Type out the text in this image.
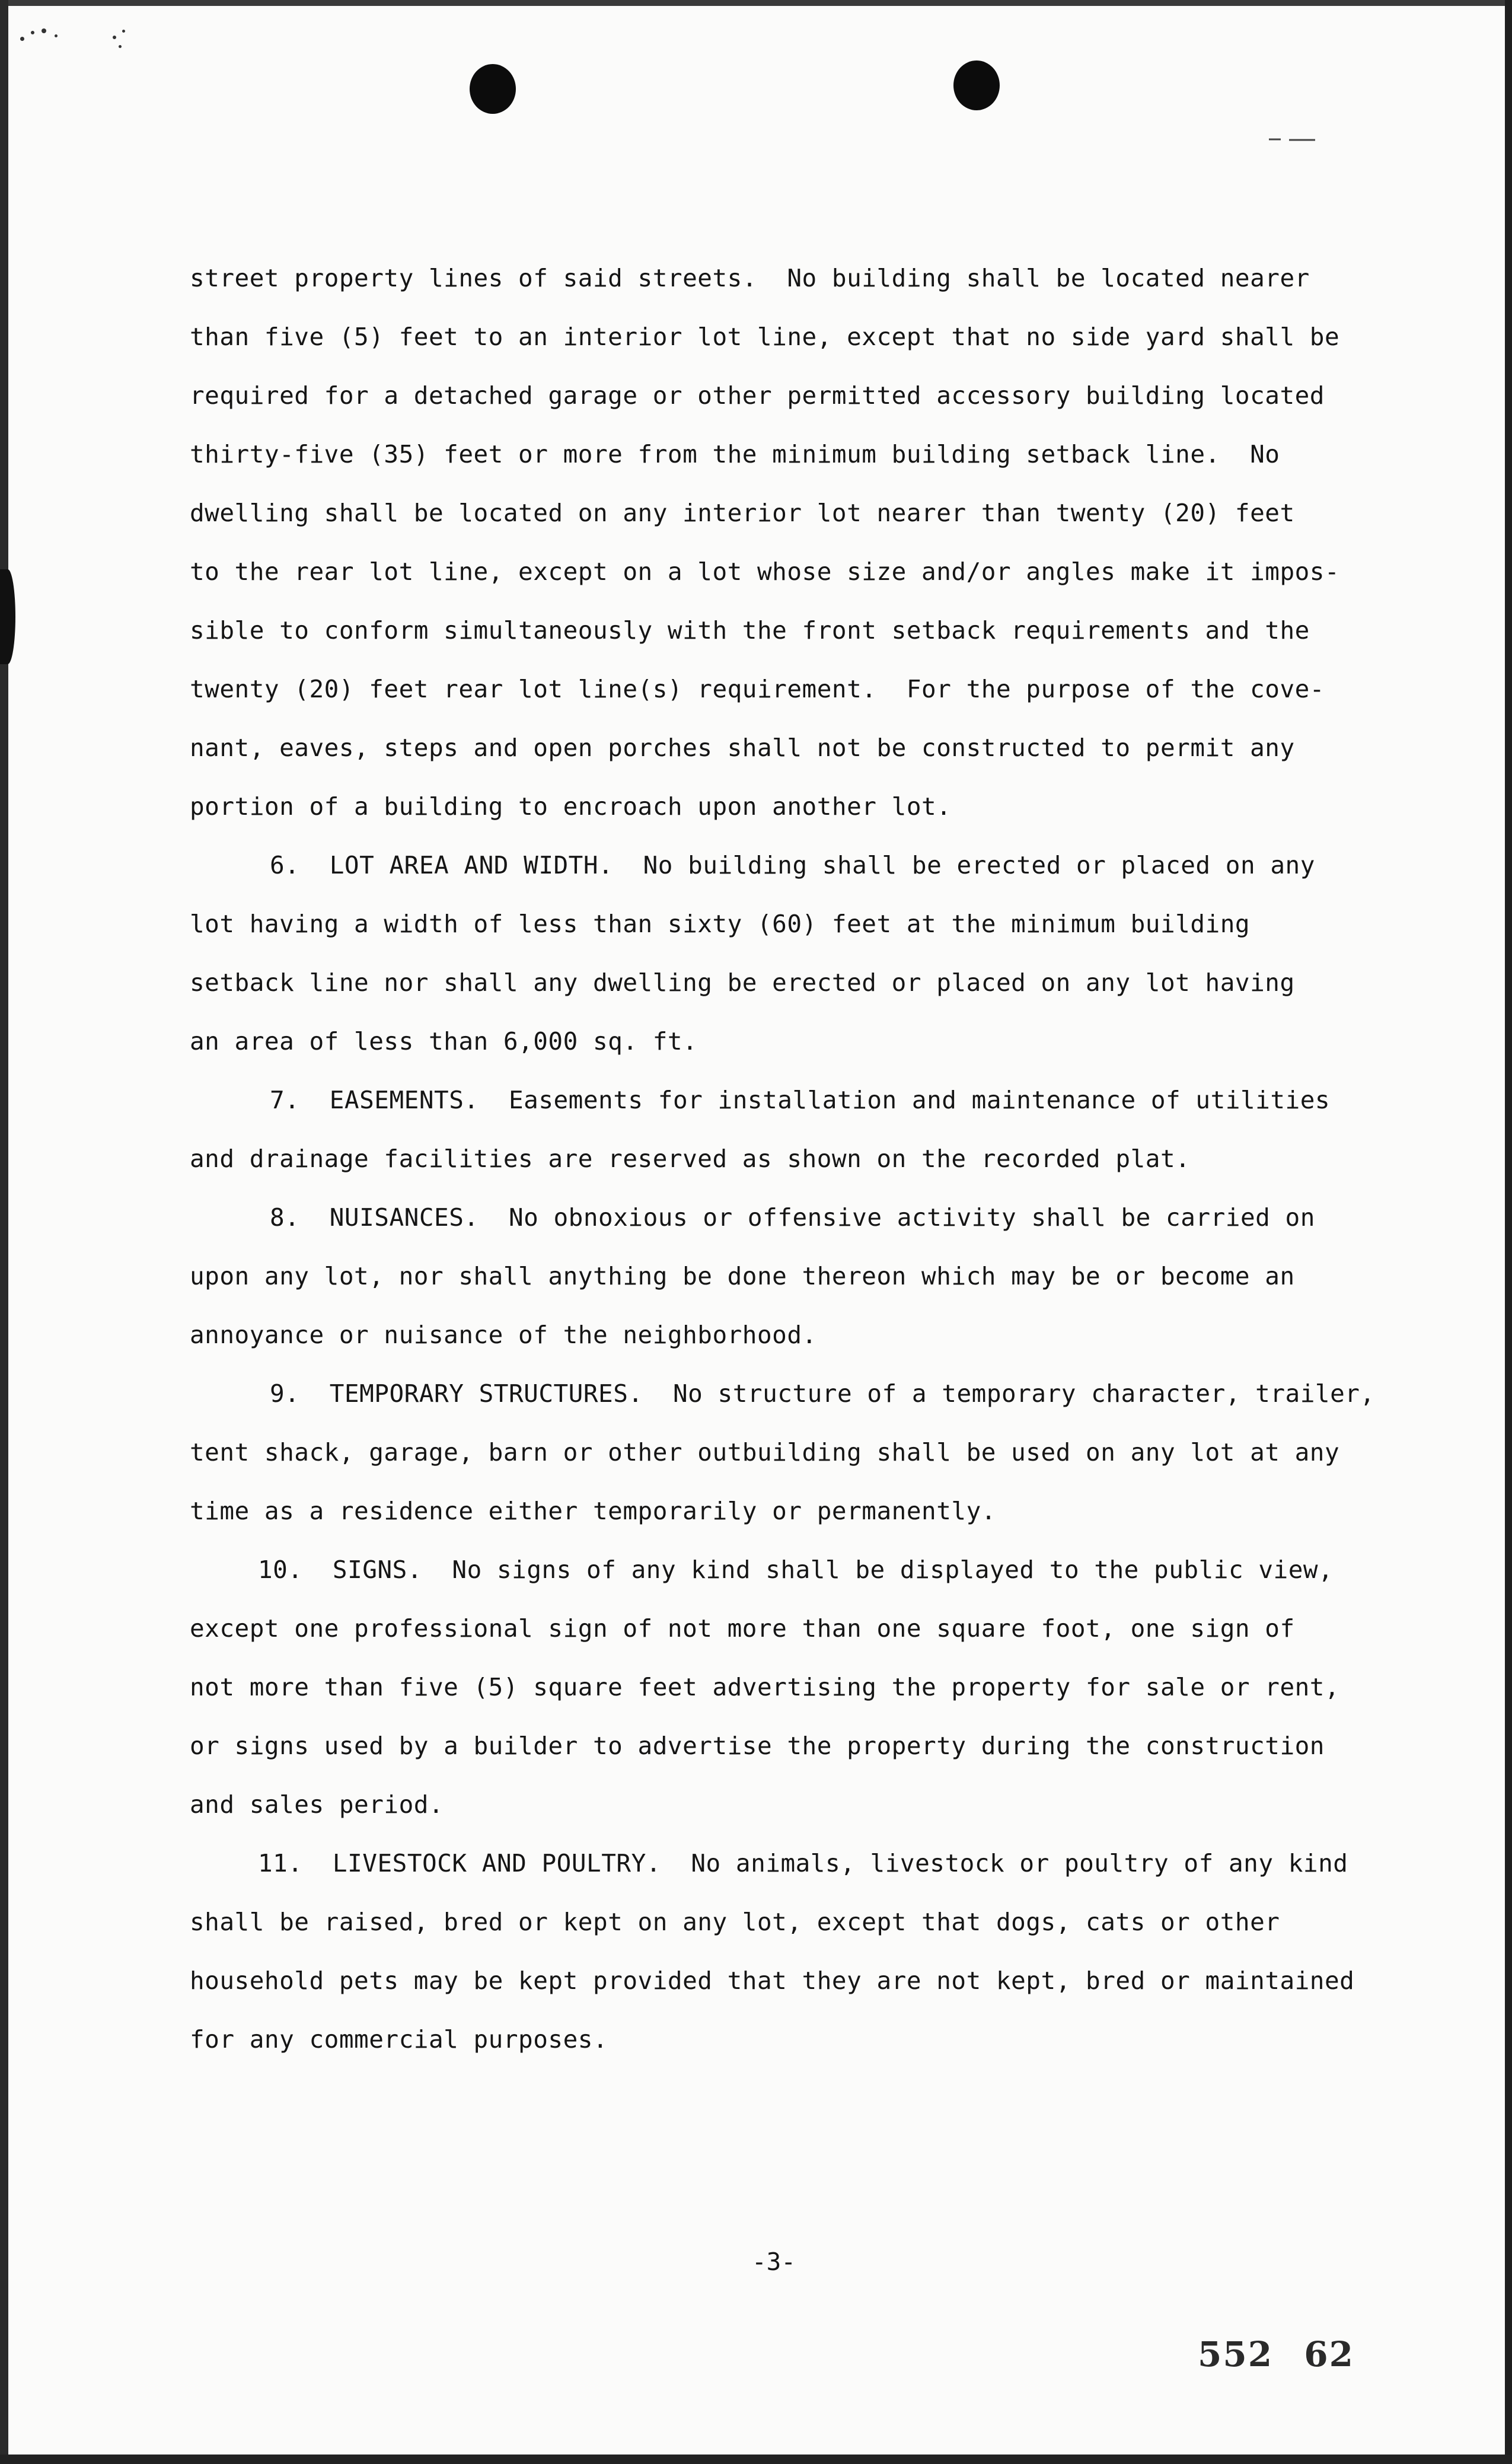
street property lines of said streets.  No building shall be located nearer
than five (5) feet to an interior lot line, except that no side yard shall be
required for a detached garage or other permitted accessory building located
thirty-five (35) feet or more from the minimum building setback line.  No
dwelling shall be located on any interior lot nearer than twenty (20) feet
to the rear lot line, except on a lot whose size and/or angles make it impos-
sible to conform simultaneously with the front setback requirements and the
twenty (20) feet rear lot line(s) requirement.  For the purpose of the cove-
nant, eaves, steps and open porches shall not be constructed to permit any
portion of a building to encroach upon another lot.
6.  LOT AREA AND WIDTH.  No building shall be erected or placed on any
lot having a width of less than sixty (60) feet at the minimum building
setback line nor shall any dwelling be erected or placed on any lot having
an area of less than 6,000 sq. ft.
7.  EASEMENTS.  Easements for installation and maintenance of utilities
and drainage facilities are reserved as shown on the recorded plat.
8.  NUISANCES.  No obnoxious or offensive activity shall be carried on
upon any lot, nor shall anything be done thereon which may be or become an
annoyance or nuisance of the neighborhood.
9.  TEMPORARY STRUCTURES.  No structure of a temporary character, trailer,
tent shack, garage, barn or other outbuilding shall be used on any lot at any
time as a residence either temporarily or permanently.
10.  SIGNS.  No signs of any kind shall be displayed to the public view,
except one professional sign of not more than one square foot, one sign of
not more than five (5) square feet advertising the property for sale or rent,
or signs used by a builder to advertise the property during the construction
and sales period.
11.  LIVESTOCK AND POULTRY.  No animals, livestock or poultry of any kind
shall be raised, bred or kept on any lot, except that dogs, cats or other
household pets may be kept provided that they are not kept, bred or maintained
for any commercial purposes.
-3-
552 62
